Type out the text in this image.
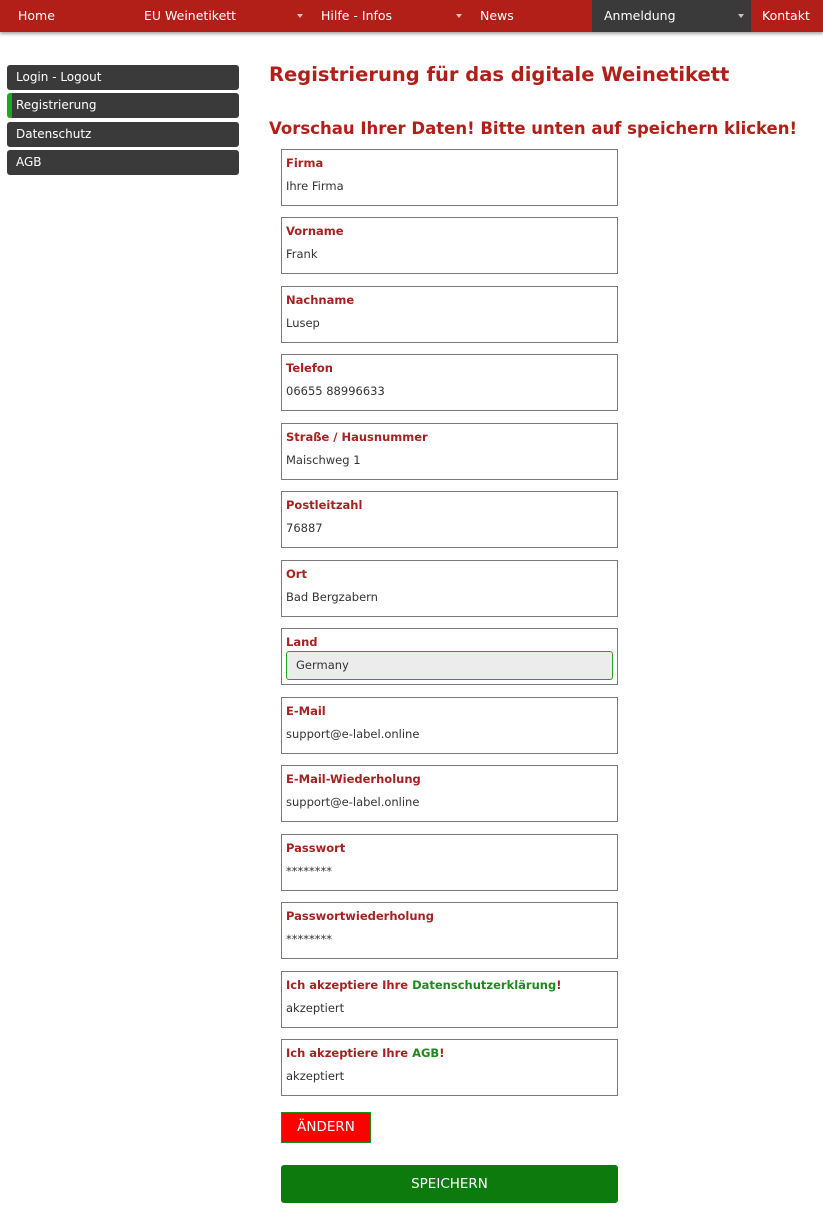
Home	EU Weinetikett	Hilfe - Infos	News	Anmeldung	Kontakt
Login - Logout
Registrierung
Datenschutz
AGB
Registrierung für das digitale Weinetikett
Vorschau Ihrer Daten! Bitte unten auf speichern klicken!
Firma
Ihre Firma
Vorname
Frank
Nachname
Lusep
Telefon
06655 88996633
Straße / Hausnummer
Maischweg 1
Postleitzahl
76887
Ort
Bad Bergzabern
Land
Germany
E-Mail
support@e-label.online
E-Mail-Wiederholung
support@e-label.online
Passwort
********
Passwortwiederholung
********
Ich akzeptiere Ihre Datenschutzerklärung!
akzeptiert
Ich akzeptiere Ihre AGB!
akzeptiert
ÄNDERN
SPEICHERN
